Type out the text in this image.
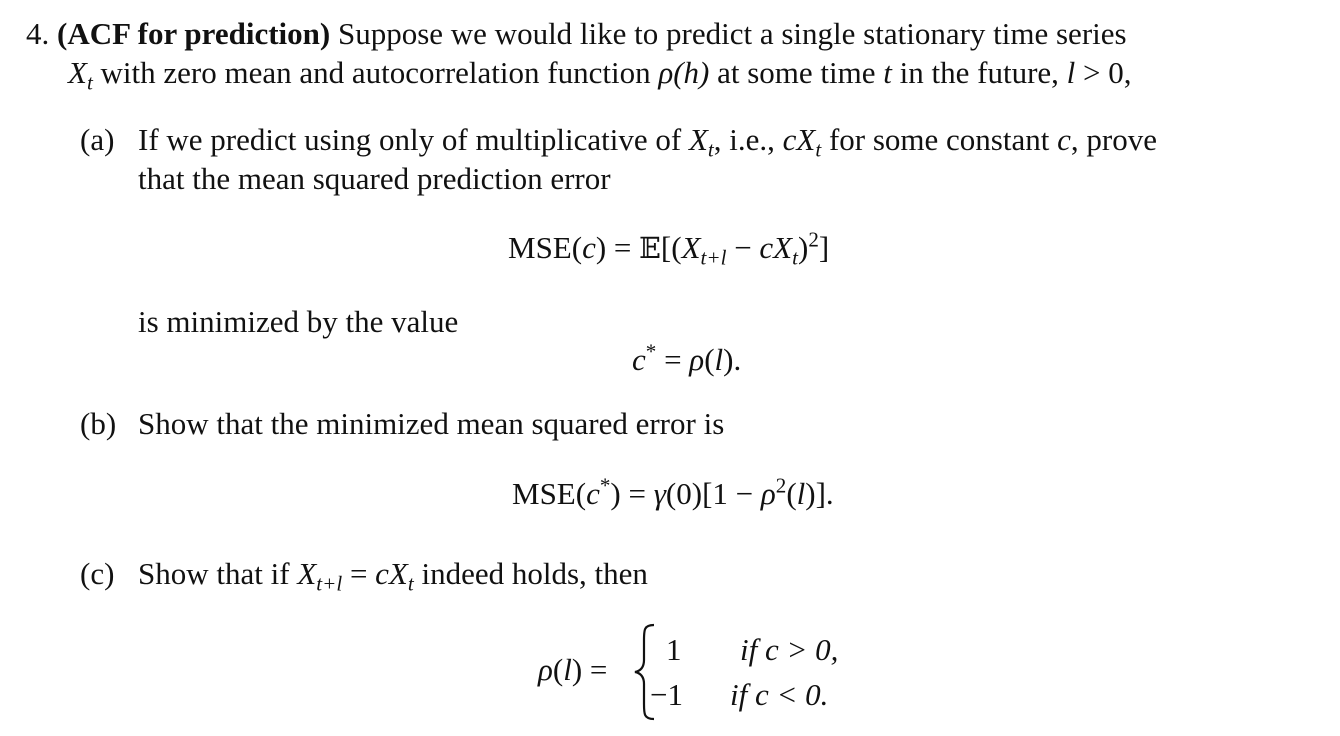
4. (ACF for prediction) Suppose we would like to predict a single stationary time series
$X_t$ with zero mean and autocorrelation function ρ(h) at some time t in the future, l > 0,
(a) If we predict using only of multiplicative of $X_t$, i.e., $cX_t$ for some constant c, prove
that the mean squared prediction error
$MSE(c) = 𝔼[(X_{t+l} - cX_t)^2]$
is minimized by the value
c* = ρ(l).
(b) Show that the minimized mean squared error is
$MSE(c^*) = \gamma(0)[1 - \rho^2(l)]$.
(c) Show that if $X_{t+l} = cX_t$ indeed holds, then
ρ(l) =
1 if c > 0,
−1 if c < 0.
